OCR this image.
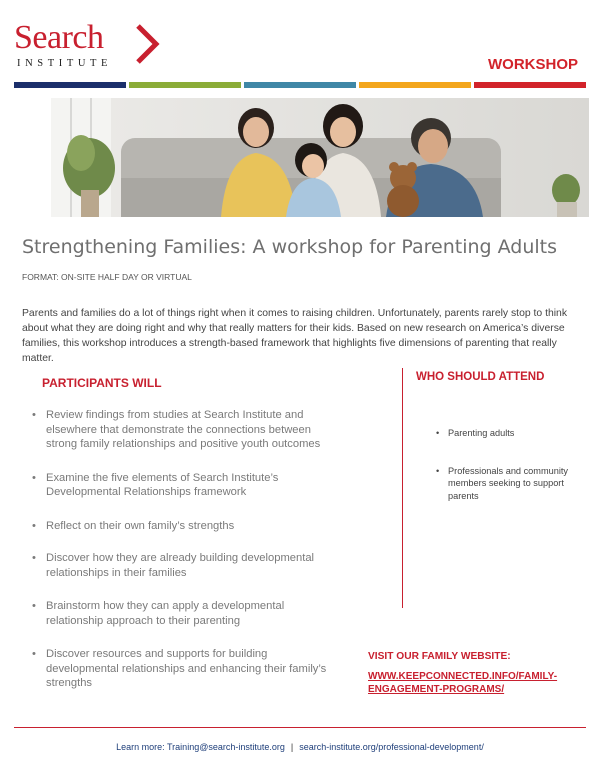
Search
INSTITUTE	WORKSHOP
Strengthening Families: A workshop for Parenting Adults
FORMAT: ON-SITE HALF DAY OR VIRTUAL
Parents and families do a lot of things right when it comes to raising children. Unfortunately, parents rarely stop to think about what they are doing right and why that really matters for their kids. Based on new research on America’s diverse families, this workshop introduces a strength-based framework that highlights five dimensions of parenting that really matter.
PARTICIPANTS WILL
• Review findings from studies at Search Institute and elsewhere that demonstrate the connections between strong family relationships and positive youth outcomes
• Examine the five elements of Search Institute’s Developmental Relationships framework
• Reflect on their own family’s strengths
• Discover how they are already building developmental relationships in their families
• Brainstorm how they can apply a developmental relationship approach to their parenting
• Discover resources and supports for building developmental relationships and enhancing their family’s strengths
WHO SHOULD ATTEND
• Parenting adults
• Professionals and community members seeking to support parents
VISIT OUR FAMILY WEBSITE:
WWW.KEEPCONNECTED.INFO/FAMILY-ENGAGEMENT-PROGRAMS/
Learn more: Training@search-institute.org | search-institute.org/professional-development/
